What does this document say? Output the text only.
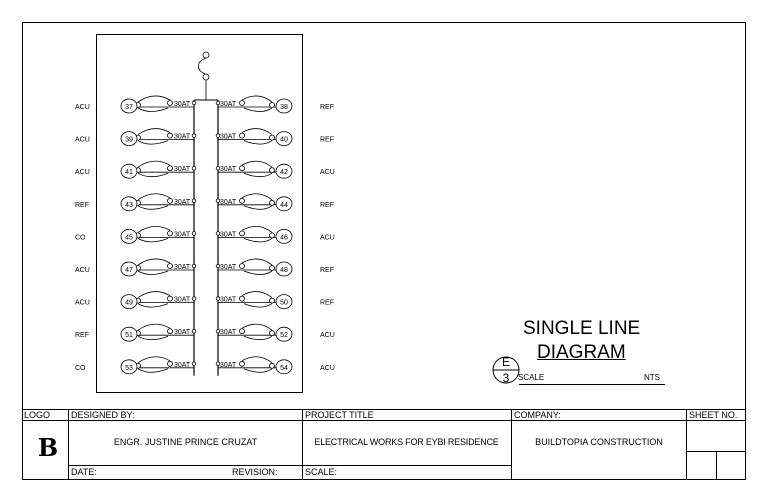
37	38
30AT	30AT
ACU	REF
39	40
30AT	30AT
ACU	REF
41	42
30AT	30AT
ACU	ACU
43	44
30AT	30AT
REF	REF
45	46
30AT	30AT
CO	ACU
47	48
30AT	30AT
ACU	REF
49	50
30AT	30AT
ACU	REF
51	52
30AT	30AT
REF	ACU
53	54
30AT	30AT
CO	ACU
SINGLE LINE
DIAGRAM
E
3	SCALE	NTS
LOGO
B
DESIGNED BY:
ENGR. JUSTINE PRINCE CRUZAT
DATE:	REVISION:
PROJECT TITLE
ELECTRICAL WORKS FOR EYBI RESIDENCE
SCALE:
COMPANY:
BUILDTOPIA CONSTRUCTION
SHEET NO.
